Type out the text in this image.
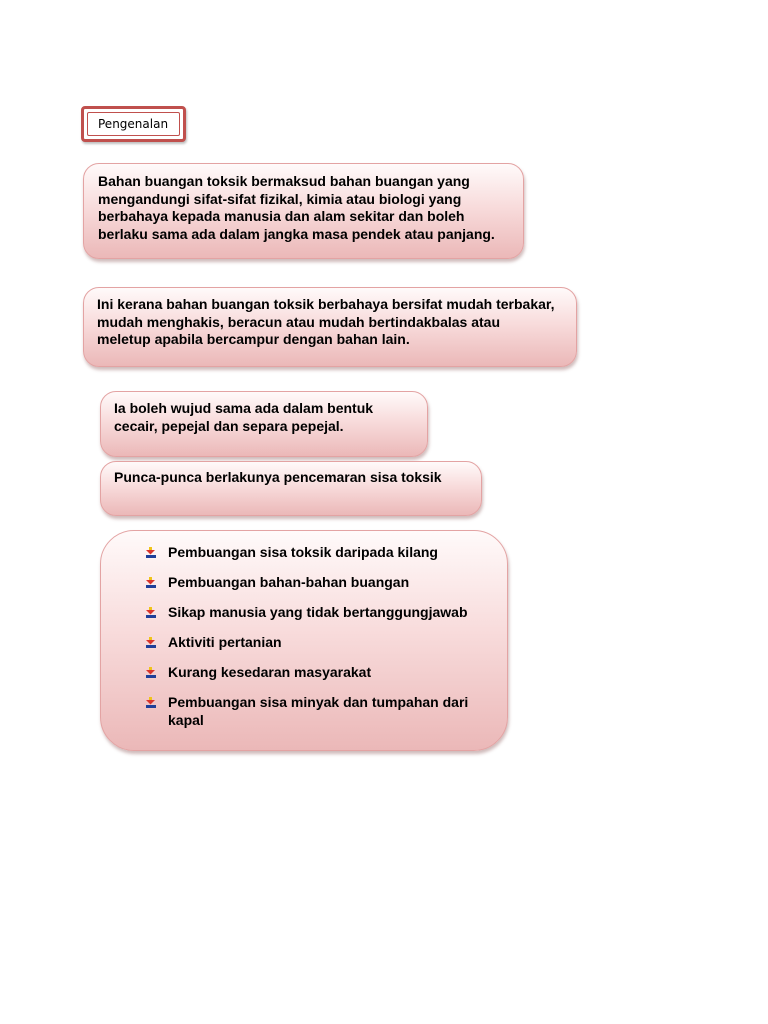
Pengenalan
Bahan buangan toksik bermaksud bahan buangan yang
mengandungi sifat-sifat fizikal, kimia atau biologi yang
berbahaya kepada manusia dan alam sekitar dan boleh
berlaku sama ada dalam jangka masa pendek atau panjang.
Ini kerana bahan buangan toksik berbahaya bersifat mudah terbakar,
mudah menghakis, beracun atau mudah bertindakbalas atau
meletup apabila bercampur dengan bahan lain.
Ia boleh wujud sama ada dalam bentuk
cecair, pepejal dan separa pepejal.
Punca-punca berlakunya pencemaran sisa toksik
Pembuangan sisa toksik daripada kilang
Pembuangan bahan-bahan buangan
Sikap manusia yang tidak bertanggungjawab
Aktiviti pertanian
Kurang kesedaran masyarakat
Pembuangan sisa minyak dan tumpahan dari
kapal
